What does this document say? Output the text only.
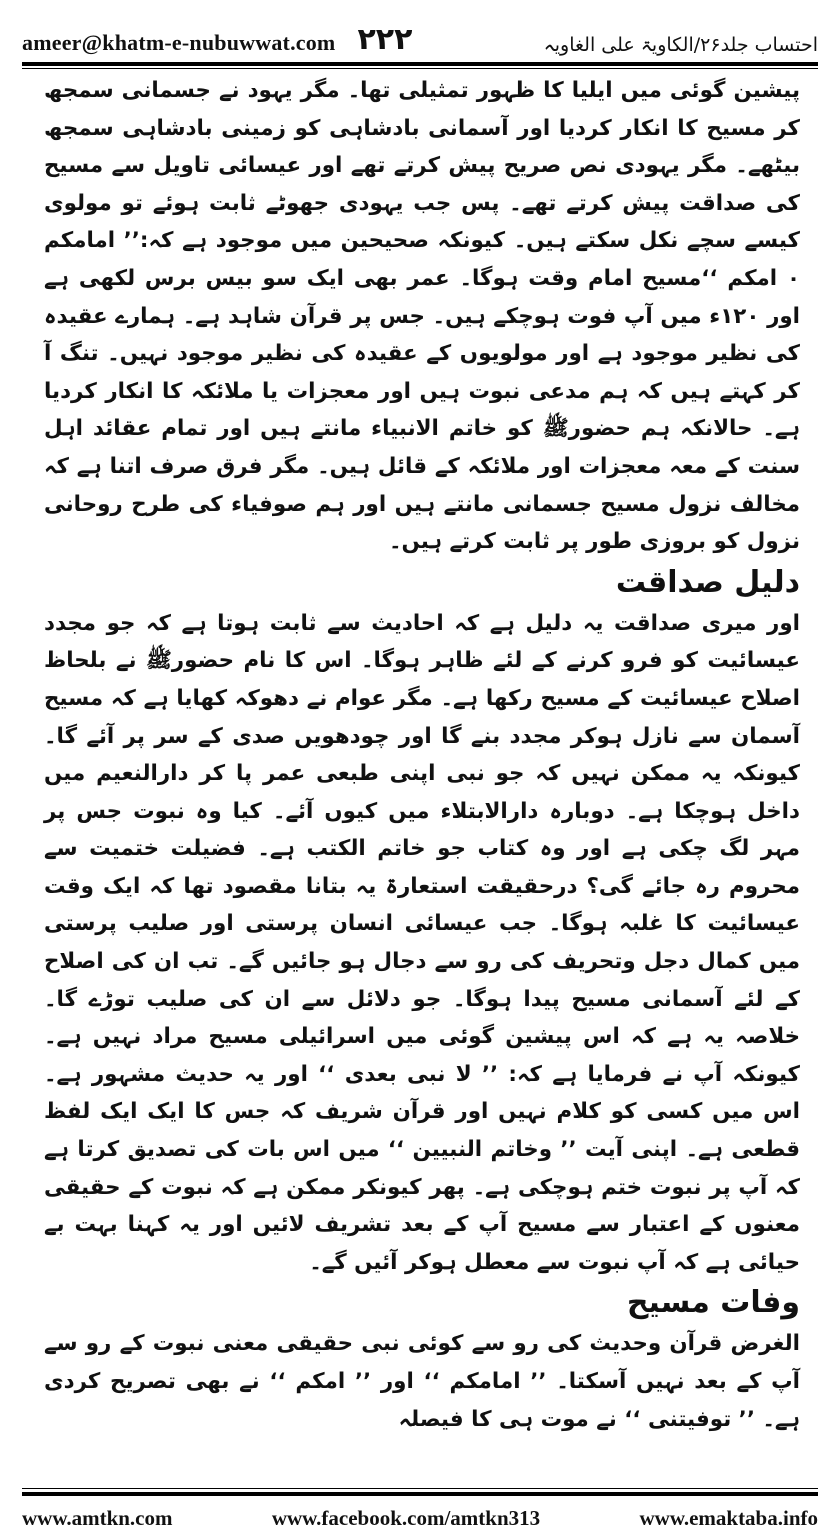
ameer@khatm-e-nubuwwat.com ۲۲۲	احتساب جلد۲۶/الکاویۃ علی الغاویہ

پیشین گوئی میں ایلیا کا ظہور تمثیلی تھا۔ مگر یہود نے جسمانی سمجھ کر مسیح کا انکار کردیا اور آسمانی بادشاہی کو زمینی بادشاہی سمجھ بیٹھے۔ مگر یہودی نص صریح پیش کرتے تھے اور عیسائی تاویل سے مسیح کی صداقت پیش کرتے تھے۔ پس جب یہودی جھوٹے ثابت ہوئے تو مولوی کیسے سچے نکل سکتے ہیں۔ کیونکہ صحیحین میں موجود ہے کہ:’’ امامکم ۰ امکم ‘‘مسیح امام وقت ہوگا۔ عمر بھی ایک سو بیس برس لکھی ہے اور ۱۲۰ء میں آپ فوت ہوچکے ہیں۔ جس پر قرآن شاہد ہے۔ ہمارے عقیدہ کی نظیر موجود ہے اور مولویوں کے عقیدہ کی نظیر موجود نہیں۔ تنگ آ کر کہتے ہیں کہ ہم مدعی نبوت ہیں اور معجزات یا ملائکہ کا انکار کردیا ہے۔ حالانکہ ہم حضورﷺ کو خاتم الانبیاء مانتے ہیں اور تمام عقائد اہل سنت کے معہ معجزات اور ملائکہ کے قائل ہیں۔ مگر فرق صرف اتنا ہے کہ مخالف نزول مسیح جسمانی مانتے ہیں اور ہم صوفیاء کی طرح روحانی نزول کو بروزی طور پر ثابت کرتے ہیں۔

دلیل صداقت

اور میری صداقت یہ دلیل ہے کہ احادیث سے ثابت ہوتا ہے کہ جو مجدد عیسائیت کو فرو کرنے کے لئے ظاہر ہوگا۔ اس کا نام حضورﷺ نے بلحاظ اصلاح عیسائیت کے مسیح رکھا ہے۔ مگر عوام نے دھوکہ کھایا ہے کہ مسیح آسمان سے نازل ہوکر مجدد بنے گا اور چودھویں صدی کے سر پر آئے گا۔ کیونکہ یہ ممکن نہیں کہ جو نبی اپنی طبعی عمر پا کر دارالنعیم میں داخل ہوچکا ہے۔ دوبارہ دارالابتلاء میں کیوں آئے۔ کیا وہ نبوت جس پر مہر لگ چکی ہے اور وہ کتاب جو خاتم الکتب ہے۔ فضیلت ختمیت سے محروم رہ جائے گی؟ درحقیقت استعارۃ یہ بتانا مقصود تھا کہ ایک وقت عیسائیت کا غلبہ ہوگا۔ جب عیسائی انسان پرستی اور صلیب پرستی میں کمال دجل وتحریف کی رو سے دجال ہو جائیں گے۔ تب ان کی اصلاح کے لئے آسمانی مسیح پیدا ہوگا۔ جو دلائل سے ان کی صلیب توڑے گا۔ خلاصہ یہ ہے کہ اس پیشین گوئی میں اسرائیلی مسیح مراد نہیں ہے۔ کیونکہ آپ نے فرمایا ہے کہ: ’’ لا نبی بعدی ‘‘ اور یہ حدیث مشہور ہے۔ اس میں کسی کو کلام نہیں اور قرآن شریف کہ جس کا ایک ایک لفظ قطعی ہے۔ اپنی آیت ’’ وخاتم النبیین ‘‘ میں اس بات کی تصدیق کرتا ہے کہ آپ پر نبوت ختم ہوچکی ہے۔ پھر کیونکر ممکن ہے کہ نبوت کے حقیقی معنوں کے اعتبار سے مسیح آپ کے بعد تشریف لائیں اور یہ کہنا بہت بے حیائی ہے کہ آپ نبوت سے معطل ہوکر آئیں گے۔

وفات مسیح

الغرض قرآن وحدیث کی رو سے کوئی نبی حقیقی معنی نبوت کے رو سے آپ کے بعد نہیں آسکتا۔ ’’ امامکم ‘‘ اور ’’ امکم ‘‘ نے بھی تصریح کردی ہے۔ ’’ توفیتنی ‘‘ نے موت ہی کا فیصلہ

www.amtkn.com	www.facebook.com/amtkn313	www.emaktaba.info
